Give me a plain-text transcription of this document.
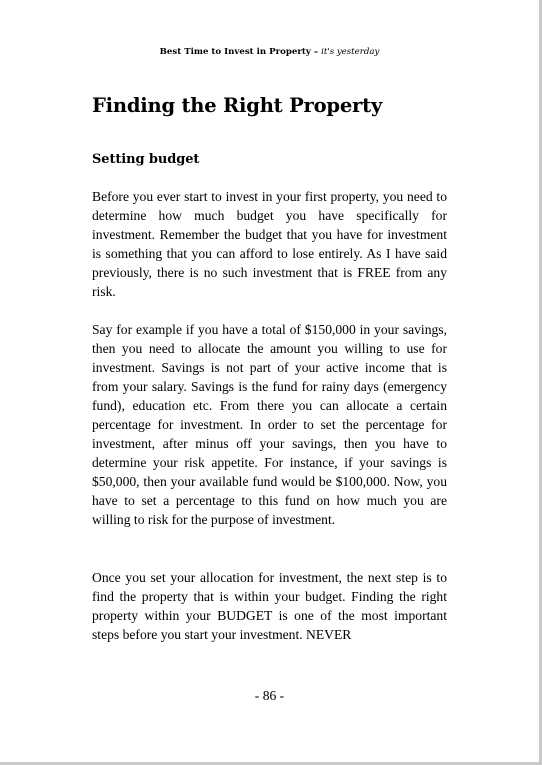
Best Time to Invest in Property – it's yesterday
Finding the Right Property
Setting budget

Before you ever start to invest in your first property, you need to determine how much budget you have specifically for investment. Remember the budget that you have for investment is something that you can afford to lose entirely. As I have said previously, there is no such investment that is FREE from any risk.

Say for example if you have a total of $150,000 in your savings, then you need to allocate the amount you willing to use for investment. Savings is not part of your active income that is from your salary. Savings is the fund for rainy days (emergency fund), education etc. From there you can allocate a certain percentage for investment. In order to set the percentage for investment, after minus off your savings, then you have to determine your risk appetite. For instance, if your savings is $50,000, then your available fund would be $100,000. Now, you have to set a percentage to this fund on how much you are willing to risk for the purpose of investment.

Once you set your allocation for investment, the next step is to find the property that is within your budget. Finding the right property within your BUDGET is one of the most important steps before you start your investment. NEVER

- 86 -
